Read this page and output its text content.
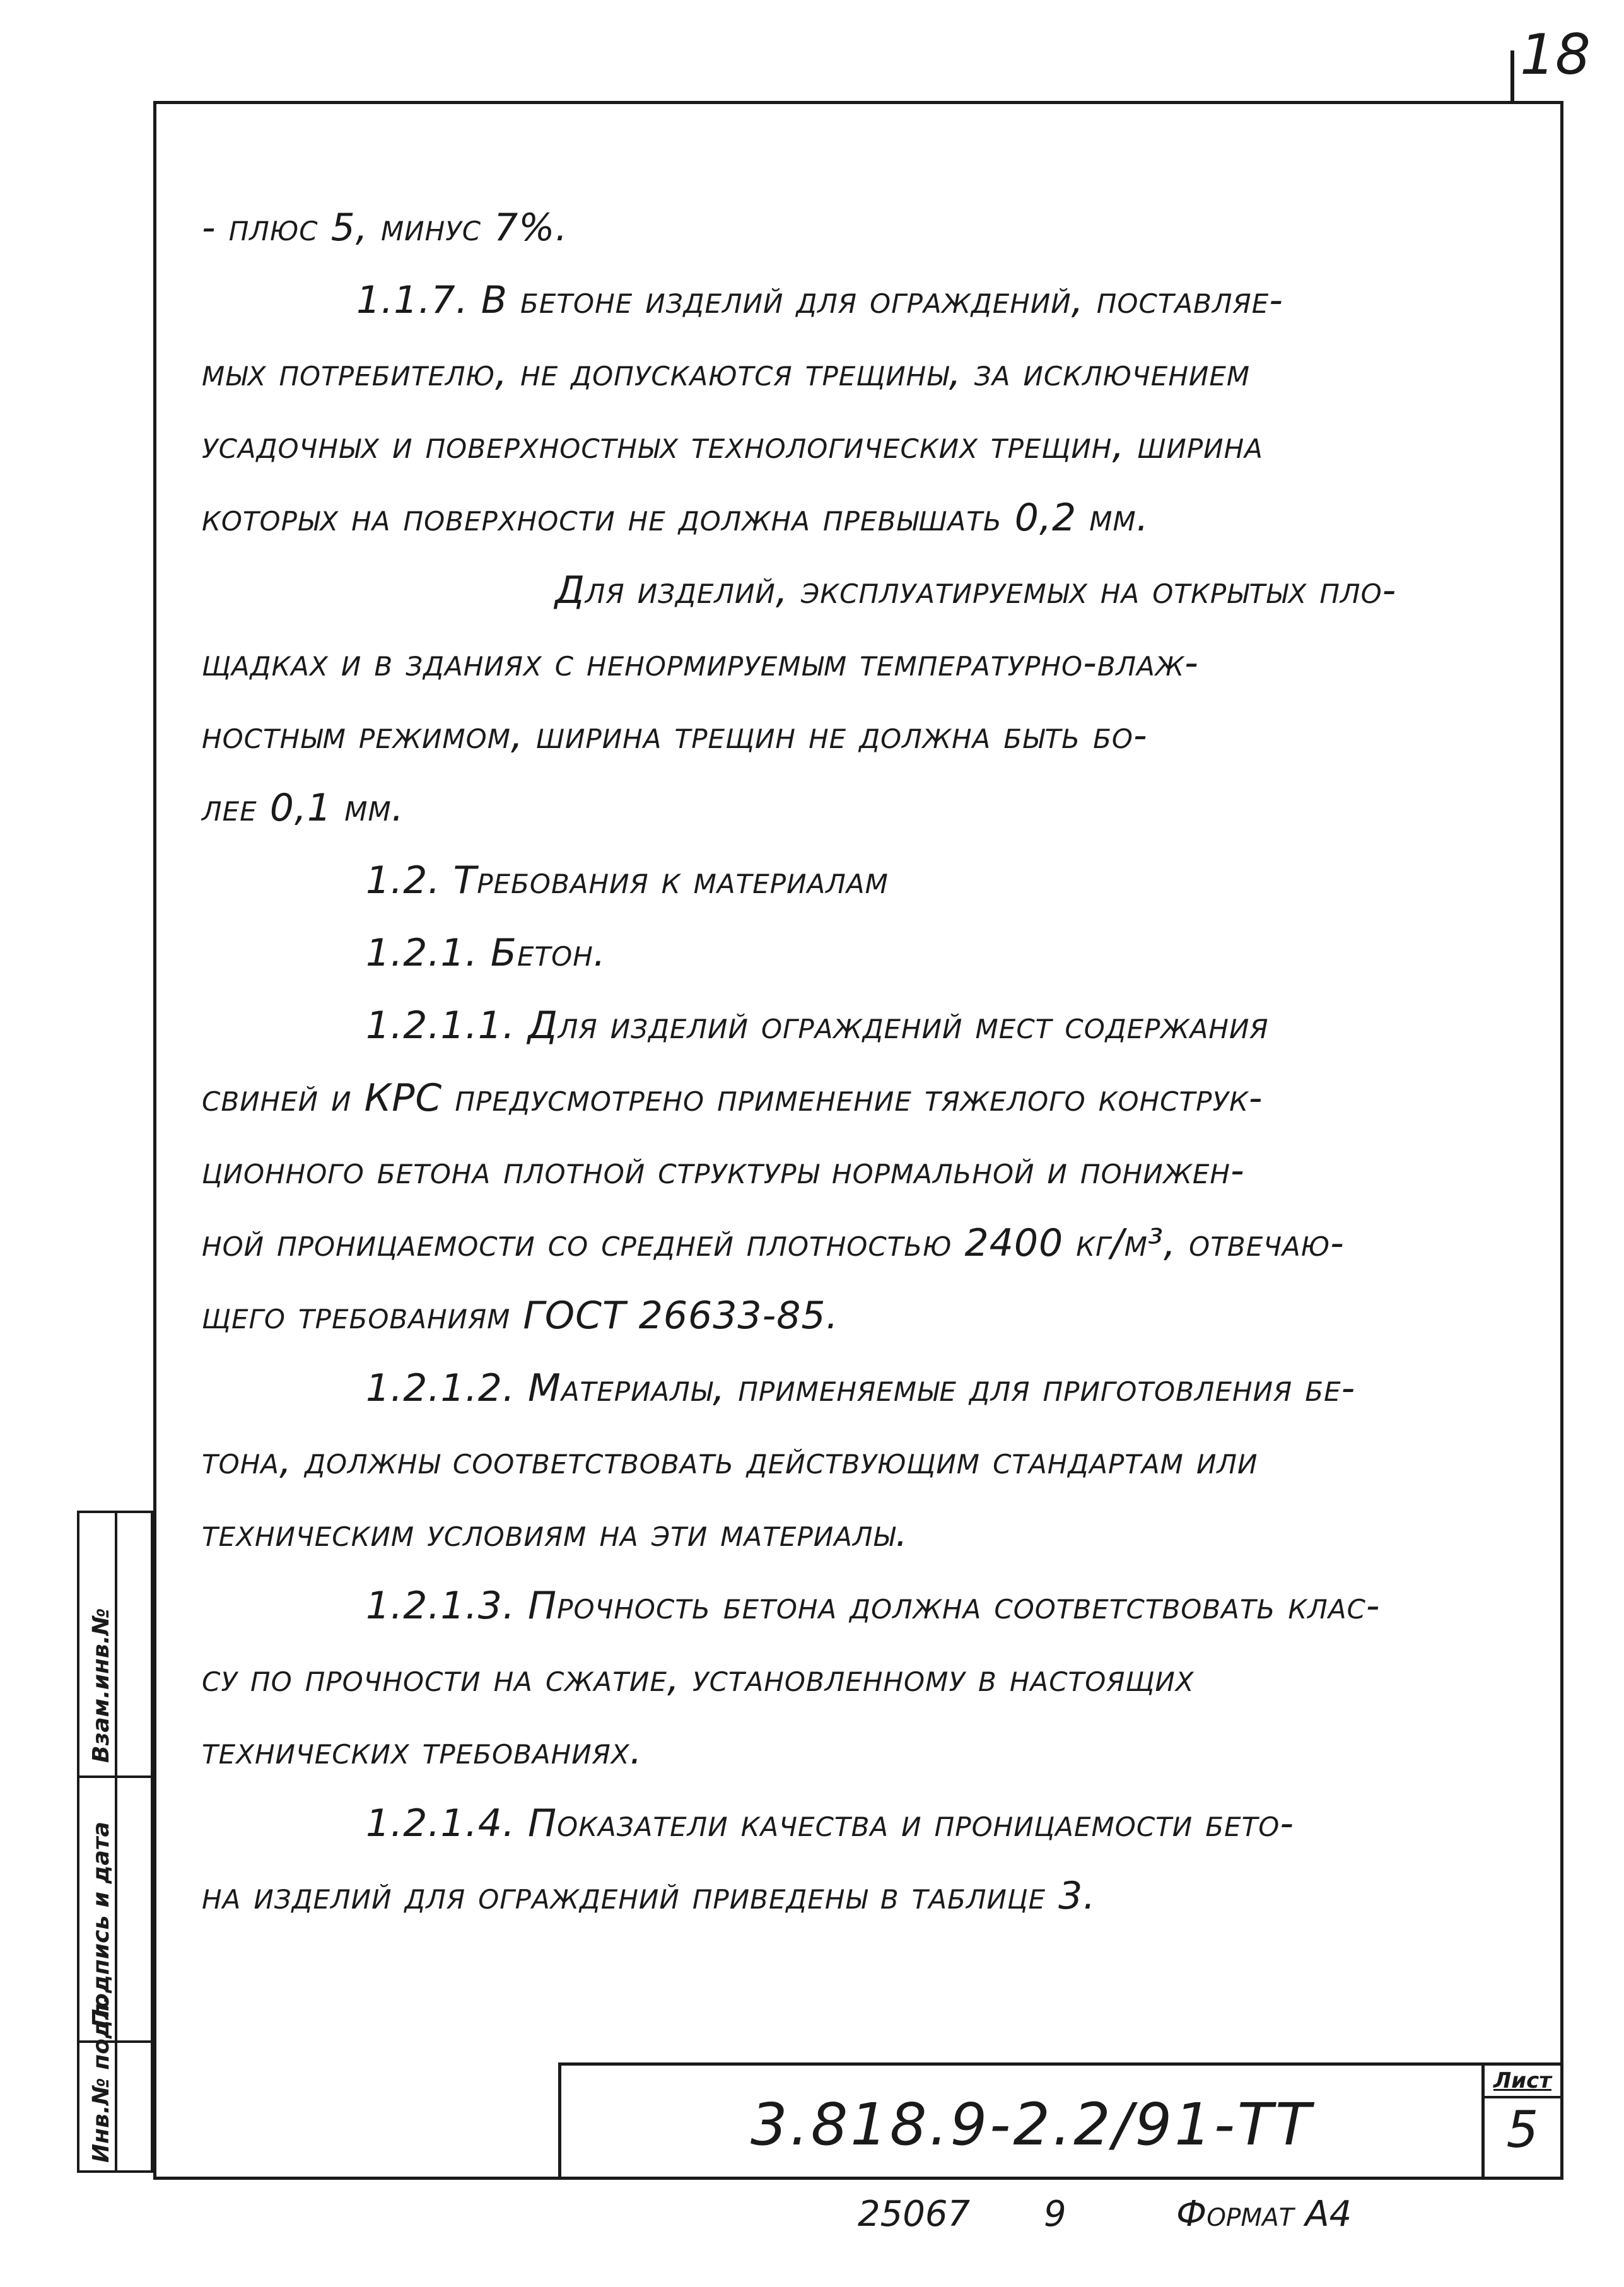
18
- плюс 5, минус 7%.
1.1.7. В бетоне изделий для ограждений, поставляе-
мых потребителю, не допускаются трещины, за исключением
усадочных и поверхностных технологических трещин, ширина
которых на поверхности не должна превышать 0,2 мм.
Для изделий, эксплуатируемых на открытых пло-
щадках и в зданиях с ненормируемым температурно-влаж-
ностным режимом, ширина трещин не должна быть бо-
лее 0,1 мм.
1.2. Требования к материалам
1.2.1. Бетон.
1.2.1.1. Для изделий ограждений мест содержания
свиней и КРС предусмотрено применение тяжелого конструк-
ционного бетона плотной структуры нормальной и понижен-
ной проницаемости со средней плотностью 2400 кг/м³, отвечаю-
щего требованиям ГОСТ 26633-85.
1.2.1.2. Материалы, применяемые для приготовления бе-
тона, должны соответствовать действующим стандартам или
техническим условиям на эти материалы.
1.2.1.3. Прочность бетона должна соответствовать клас-
су по прочности на сжатие, установленному в настоящих
технических требованиях.
1.2.1.4. Показатели качества и проницаемости бето-
на изделий для ограждений приведены в таблице 3.
Взам.инв.№
Подпись и дата
Инв.№ подл.	3.818.9-2.2/91-ТТ
Лист
5
25067 9	Формат А4
